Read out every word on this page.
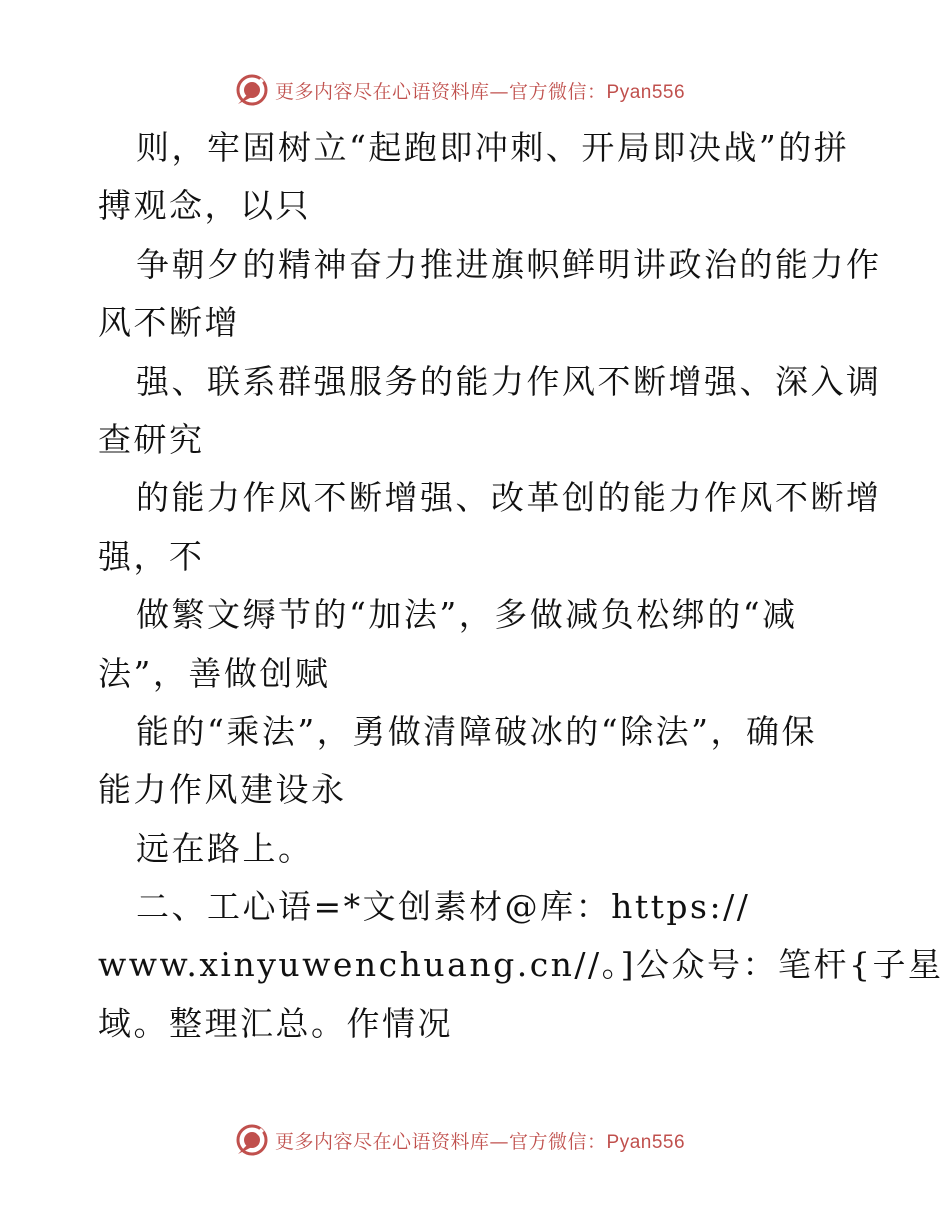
更多内容尽在心语资料库—官方微信：Pyan556
则，牢固树立“起跑即冲刺、开局即决战”的拼
搏观念，以只
争朝夕的精神奋力推进旗帜鲜明讲政治的能力作
风不断增
强、联系群强服务的能力作风不断增强、深入调
查研究
的能力作风不断增强、改革创的能力作风不断增
强，不
做繁文缛节的“加法”，多做减负松绑的“减
法”，善做创赋
能的“乘法”，勇做清障破冰的“除法”，确保
能力作风建设永
远在路上。
二、工心语=*文创素材@库：https://
www.xinyuwenchuang.cn//。]公众号：笔杆{子星
域。整理汇总。作情况
更多内容尽在心语资料库—官方微信：Pyan556
